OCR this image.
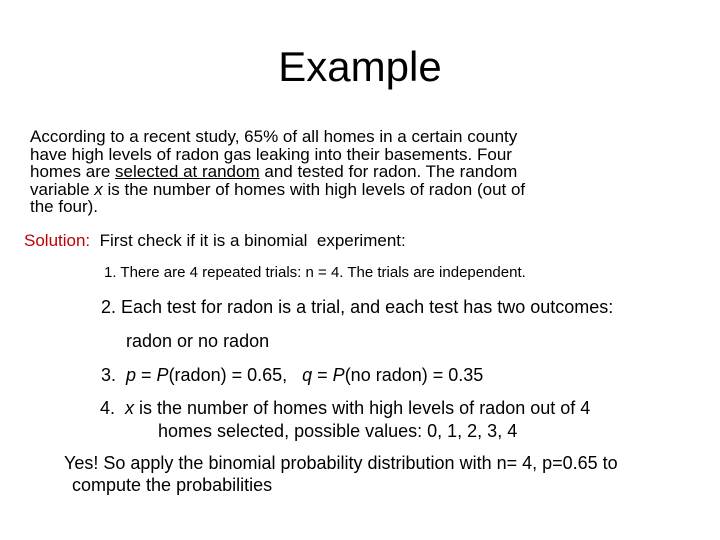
Example
According to a recent study, 65% of all homes in a certain county
have high levels of radon gas leaking into their basements. Four
homes are selected at random and tested for radon. The random
variable x is the number of homes with high levels of radon (out of
the four).
Solution:  First check if it is a binomial  experiment:
1. There are 4 repeated trials: n = 4. The trials are independent.
2. Each test for radon is a trial, and each test has two outcomes:
radon or no radon
3.  p = P(radon) = 0.65,   q = P(no radon) = 0.35
4.  x is the number of homes with high levels of radon out of 4
homes selected, possible values: 0, 1, 2, 3, 4
Yes! So apply the binomial probability distribution with n= 4, p=0.65 to
compute the probabilities
